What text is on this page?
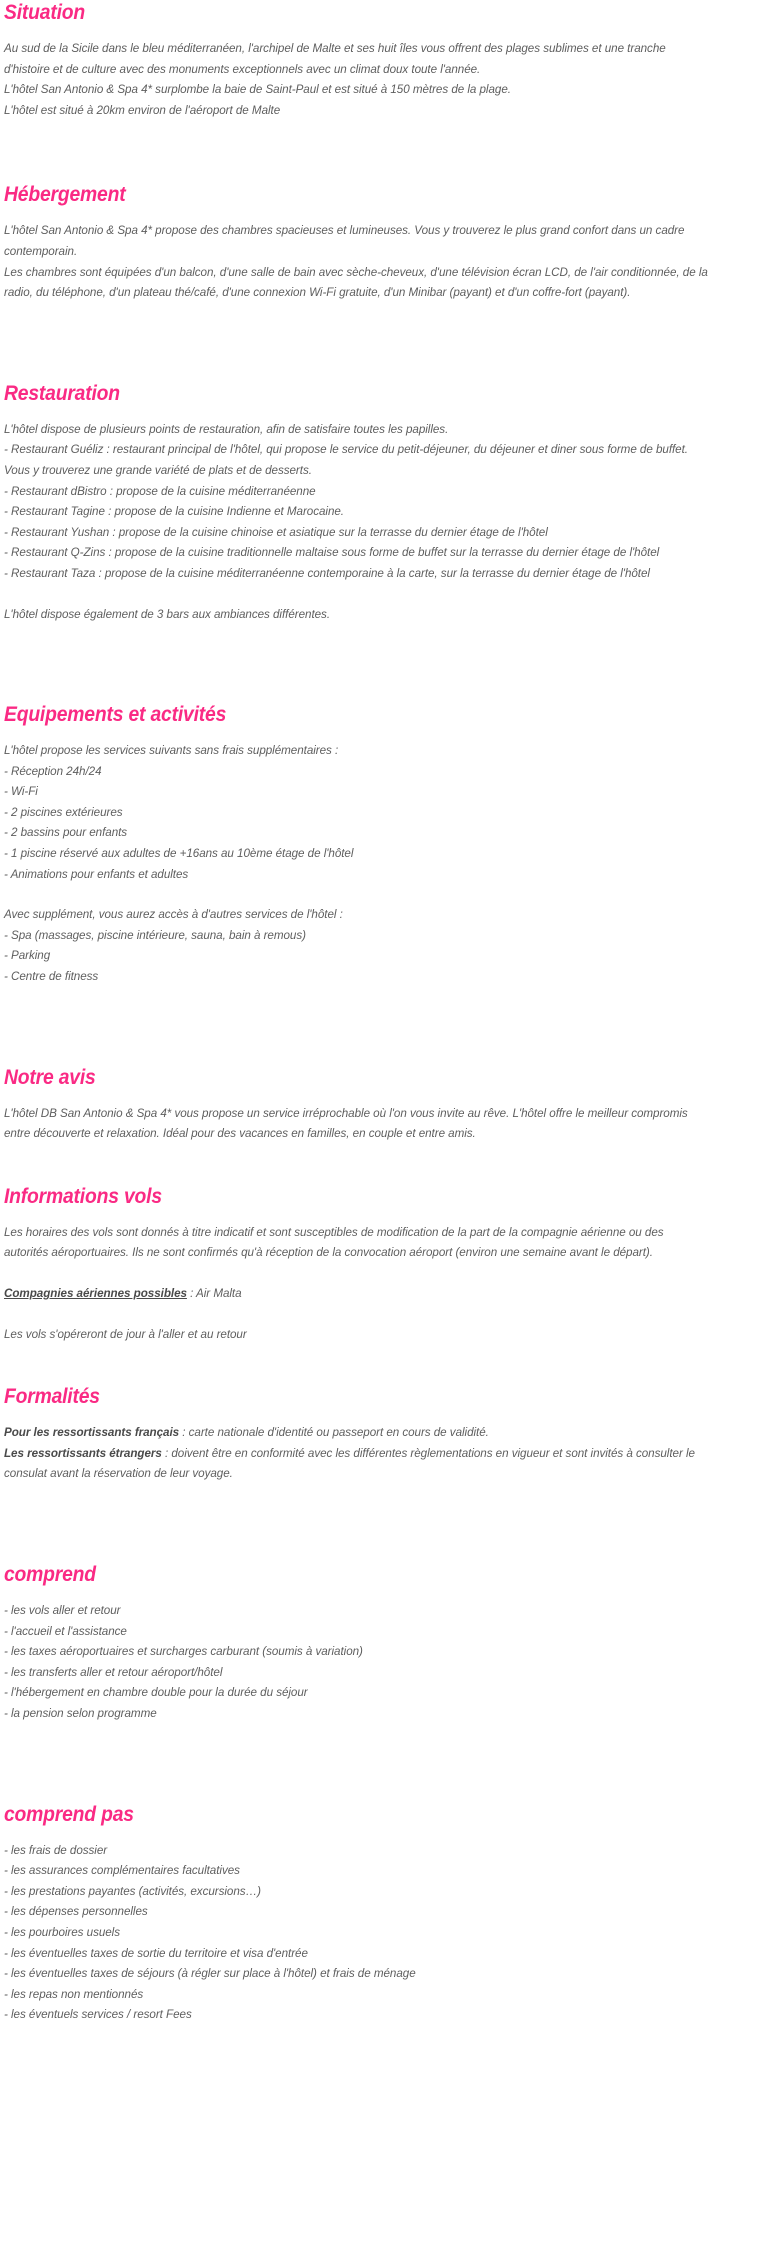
Situation
Au sud de la Sicile dans le bleu méditerranéen, l'archipel de Malte et ses huit îles vous offrent des plages sublimes et une tranche d'histoire et de culture avec des monuments exceptionnels avec un climat doux toute l'année.
L'hôtel San Antonio & Spa 4* surplombe la baie de Saint-Paul et est situé à 150 mètres de la plage.
L'hôtel est situé à 20km environ de l'aéroport de Malte
Hébergement
L'hôtel San Antonio & Spa 4* propose des chambres spacieuses et lumineuses. Vous y trouverez le plus grand confort dans un cadre contemporain.
Les chambres sont équipées d'un balcon, d'une salle de bain avec sèche-cheveux, d'une télévision écran LCD, de l'air conditionnée, de la radio, du téléphone, d'un plateau thé/café, d'une connexion Wi-Fi gratuite, d'un Minibar (payant) et d'un coffre-fort (payant).
Restauration
L'hôtel dispose de plusieurs points de restauration, afin de satisfaire toutes les papilles.
- Restaurant Guéliz : restaurant principal de l'hôtel, qui propose le service du petit-déjeuner, du déjeuner et diner sous forme de buffet. Vous y trouverez une grande variété de plats et de desserts.
- Restaurant dBistro : propose de la cuisine méditerranéenne
- Restaurant Tagine : propose de la cuisine Indienne et Marocaine.
- Restaurant Yushan : propose de la cuisine chinoise et asiatique sur la terrasse du dernier étage de l'hôtel
- Restaurant Q-Zins : propose de la cuisine traditionnelle maltaise sous forme de buffet sur la terrasse du dernier étage de l'hôtel
- Restaurant Taza : propose de la cuisine méditerranéenne contemporaine à la carte, sur la terrasse du dernier étage de l'hôtel
L'hôtel dispose également de 3 bars aux ambiances différentes.
Equipements et activités
L'hôtel propose les services suivants sans frais supplémentaires :
- Réception 24h/24
- Wi-Fi
- 2 piscines extérieures
- 2 bassins pour enfants
- 1 piscine réservé aux adultes de +16ans au 10ème étage de l'hôtel
- Animations pour enfants et adultes
Avec supplément, vous aurez accès à d'autres services de l'hôtel :
- Spa (massages, piscine intérieure, sauna, bain à remous)
- Parking
- Centre de fitness
Notre avis
L'hôtel DB San Antonio & Spa 4* vous propose un service irréprochable où l'on vous invite au rêve. L'hôtel offre le meilleur compromis entre découverte et relaxation. Idéal pour des vacances en familles, en couple et entre amis.
Informations vols
Les horaires des vols sont donnés à titre indicatif et sont susceptibles de modification de la part de la compagnie aérienne ou des autorités aéroportuaires. Ils ne sont confirmés qu'à réception de la convocation aéroport (environ une semaine avant le départ).
Compagnies aériennes possibles : Air Malta
Les vols s'opéreront de jour à l'aller et au retour
Formalités
Pour les ressortissants français : carte nationale d'identité ou passeport en cours de validité.
Les ressortissants étrangers : doivent être en conformité avec les différentes règlementations en vigueur et sont invités à consulter le consulat avant la réservation de leur voyage.
comprend
- les vols aller et retour
- l'accueil et l'assistance
- les taxes aéroportuaires et surcharges carburant (soumis à variation)
- les transferts aller et retour aéroport/hôtel
- l'hébergement en chambre double pour la durée du séjour
- la pension selon programme
comprend pas
- les frais de dossier
- les assurances complémentaires facultatives
- les prestations payantes (activités, excursions…)
- les dépenses personnelles
- les pourboires usuels
- les éventuelles taxes de sortie du territoire et visa d'entrée
- les éventuelles taxes de séjours (à régler sur place à l'hôtel) et frais de ménage
- les repas non mentionnés
- les éventuels services / resort Fees
